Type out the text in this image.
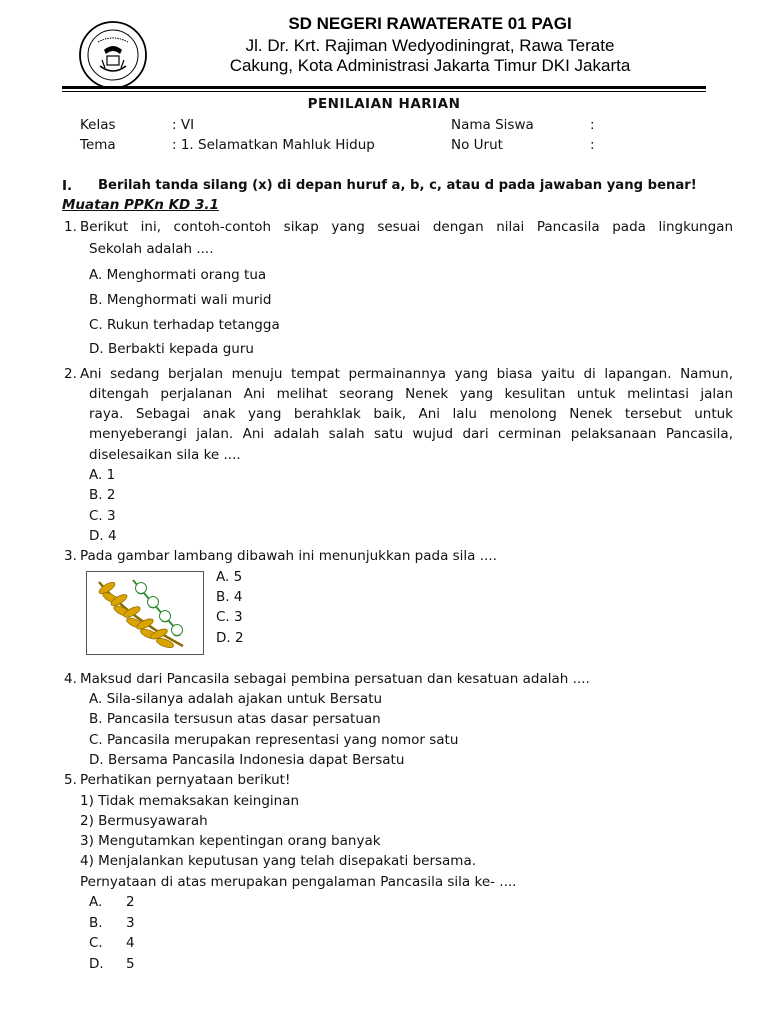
SD NEGERI RAWATERATE 01 PAGI
Jl. Dr. Krt. Rajiman Wedyodiningrat, Rawa Terate
Cakung, Kota Administrasi Jakarta Timur DKI Jakarta
PENILAIAN HARIAN
Kelas	: VI
Tema	: 1. Selamatkan Mahluk Hidup
Nama Siswa	:
No Urut	:
I. Berilah tanda silang (x) di depan huruf a, b, c, atau d pada jawaban yang benar!
Muatan PPKn KD 3.1
1. Berikut ini, contoh-contoh sikap yang sesuai dengan nilai Pancasila pada lingkungan
Sekolah adalah ....
A. Menghormati orang tua
B. Menghormati wali murid
C. Rukun terhadap tetangga
D. Berbakti kepada guru
2. Ani sedang berjalan menuju tempat permainannya yang biasa yaitu di lapangan. Namun,
ditengah perjalanan Ani melihat seorang Nenek yang kesulitan untuk melintasi jalan
raya. Sebagai anak yang berahklak baik, Ani lalu menolong Nenek tersebut untuk
menyeberangi jalan. Ani adalah salah satu wujud dari cerminan pelaksanaan Pancasila,
diselesaikan sila ke ....
A. 1
B. 2
C. 3
D. 4
3. Pada gambar lambang dibawah ini menunjukkan pada sila ....
A. 5
B. 4
C. 3
D. 2
4. Maksud dari Pancasila sebagai pembina persatuan dan kesatuan adalah ....
A. Sila-silanya adalah ajakan untuk Bersatu
B. Pancasila tersusun atas dasar persatuan
C. Pancasila merupakan representasi yang nomor satu
D. Bersama Pancasila Indonesia dapat Bersatu
5. Perhatikan pernyataan berikut!
1) Tidak memaksakan keinginan
2) Bermusyawarah
3) Mengutamkan kepentingan orang banyak
4) Menjalankan keputusan yang telah disepakati bersama.
Pernyataan di atas merupakan pengalaman Pancasila sila ke- ....
A. 2
B. 3
C. 4
D. 5
